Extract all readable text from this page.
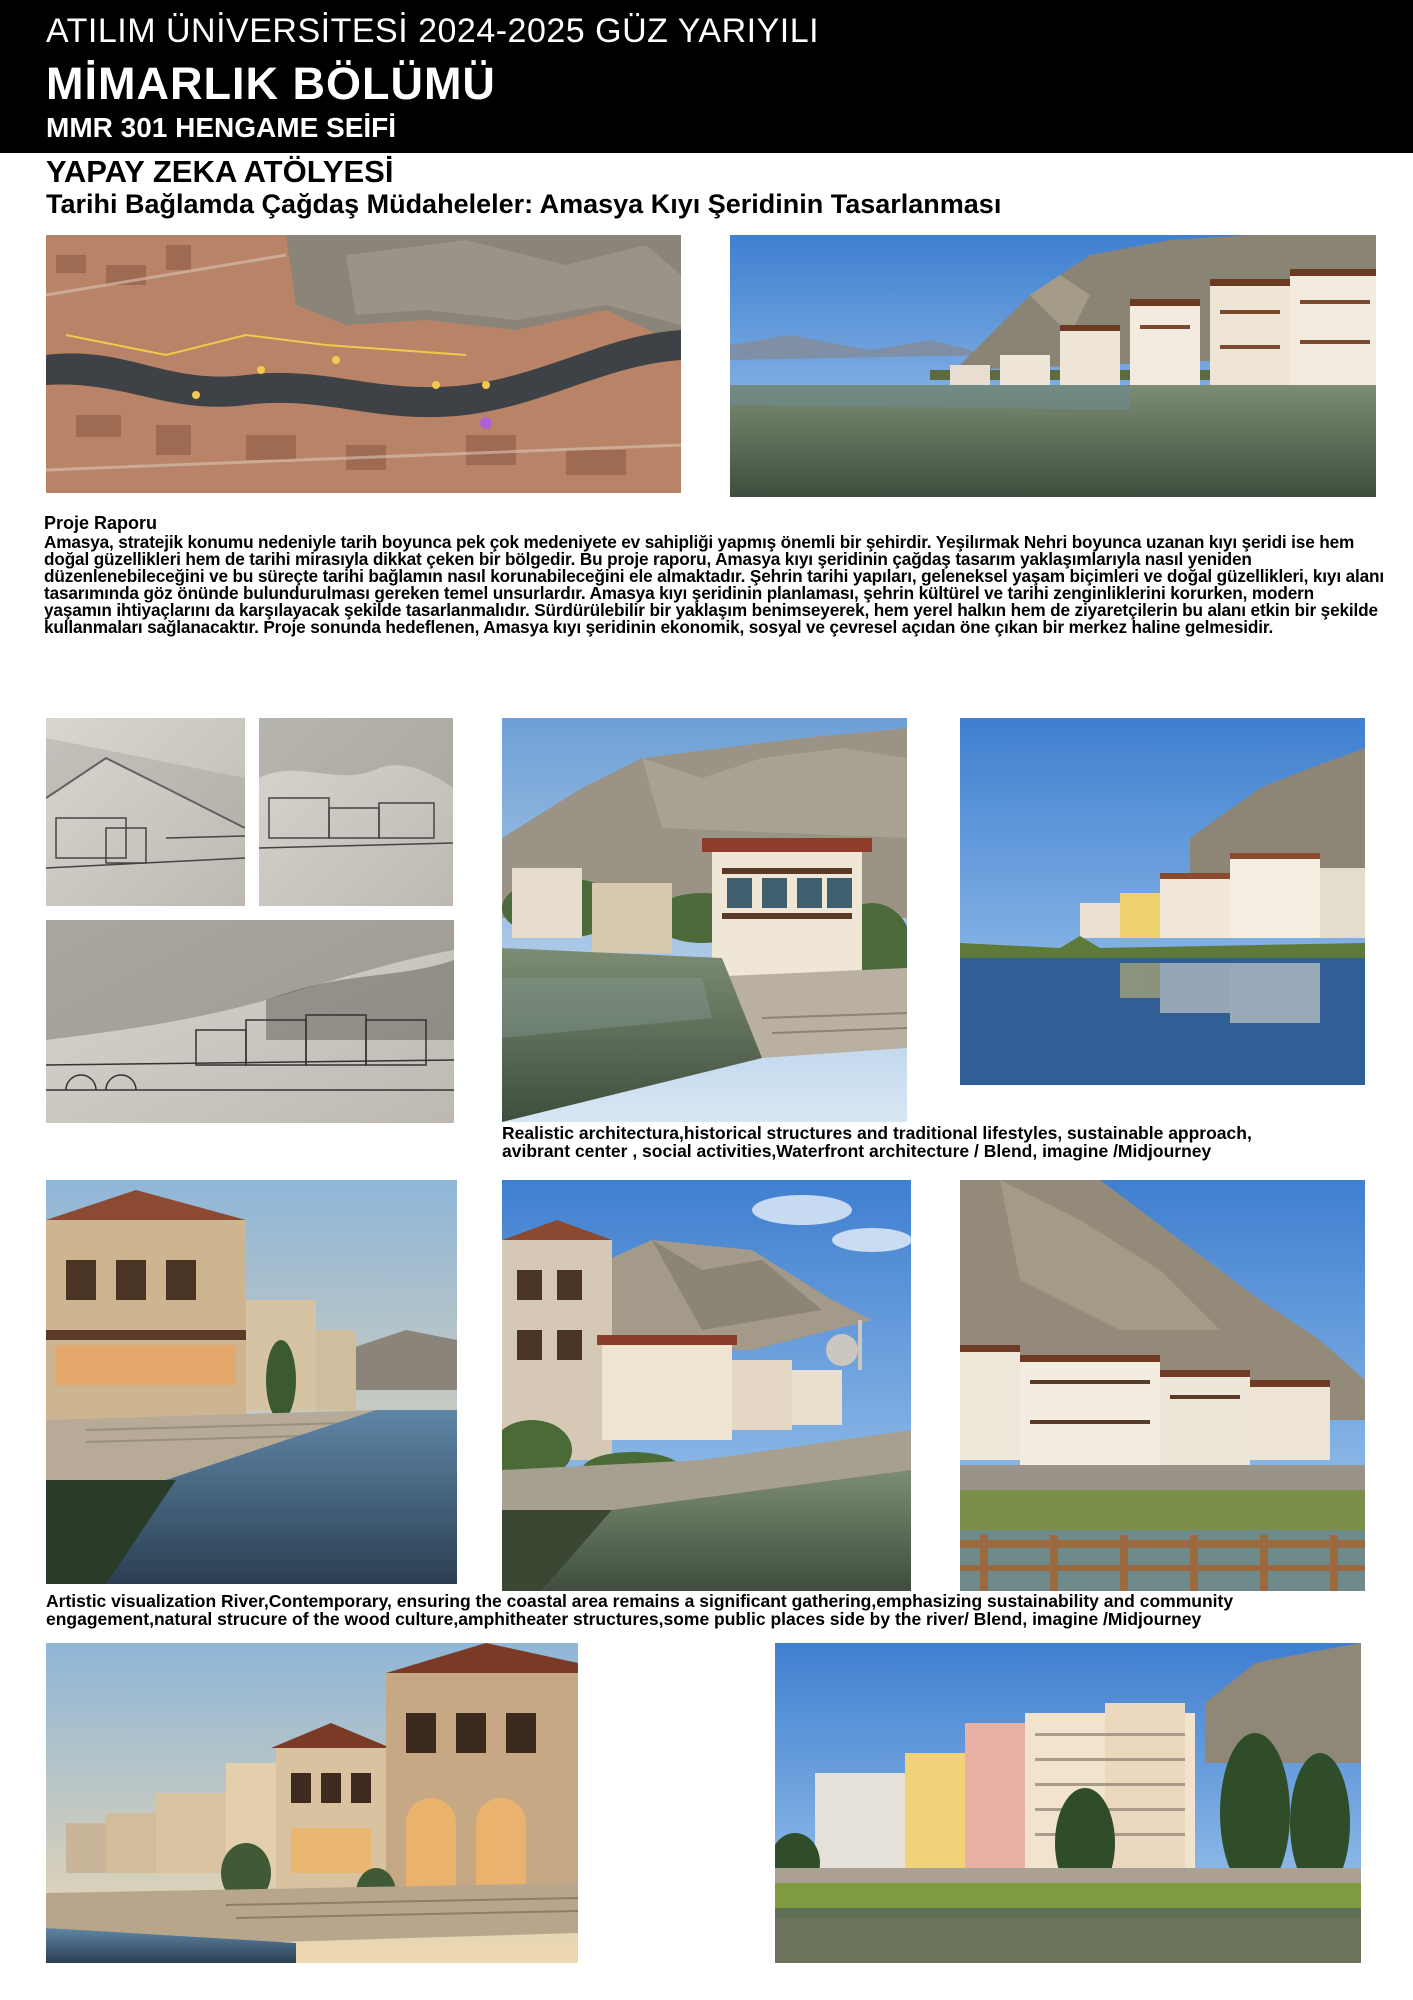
ATILIM ÜNİVERSİTESİ 2024-2025 GÜZ YARIYILI
MİMARLIK BÖLÜMÜ
MMR 301 HENGAME SEİFİ
YAPAY ZEKA ATÖLYESİ
Tarihi Bağlamda Çağdaş Müdaheleler: Amasya Kıyı Şeridinin Tasarlanması
Proje Raporu
Amasya, stratejik konumu nedeniyle tarih boyunca pek çok medeniyete ev sahipliği yapmış önemli bir şehirdir. Yeşilırmak Nehri boyunca uzanan kıyı şeridi ise hem doğal güzellikleri hem de tarihi mirasıyla dikkat çeken bir bölgedir. Bu proje raporu, Amasya kıyı şeridinin çağdaş tasarım yaklaşımlarıyla nasıl yeniden düzenlenebileceğini ve bu süreçte tarihi bağlamın nasıl korunabileceğini ele almaktadır. Şehrin tarihi yapıları, geleneksel yaşam biçimleri ve doğal güzellikleri, kıyı alanı tasarımında göz önünde bulundurulması gereken temel unsurlardır. Amasya kıyı şeridinin planlaması, şehrin kültürel ve tarihi zenginliklerini korurken, modern yaşamın ihtiyaçlarını da karşılayacak şekilde tasarlanmalıdır. Sürdürülebilir bir yaklaşım benimseyerek, hem yerel halkın hem de ziyaretçilerin bu alanı etkin bir şekilde kullanmaları sağlanacaktır. Proje sonunda hedeflenen, Amasya kıyı şeridinin ekonomik, sosyal ve çevresel açıdan öne çıkan bir merkez haline gelmesidir.
Realistic architectura,historical structures and traditional lifestyles, sustainable approach,
avibrant center , social activities,Waterfront architecture / Blend, imagine /Midjourney
Artistic visualization River,Contemporary, ensuring the coastal area remains a significant gathering,emphasizing sustainability and community
engagement,natural strucure of the wood culture,amphitheater structures,some public places side by the river/ Blend, imagine /Midjourney
